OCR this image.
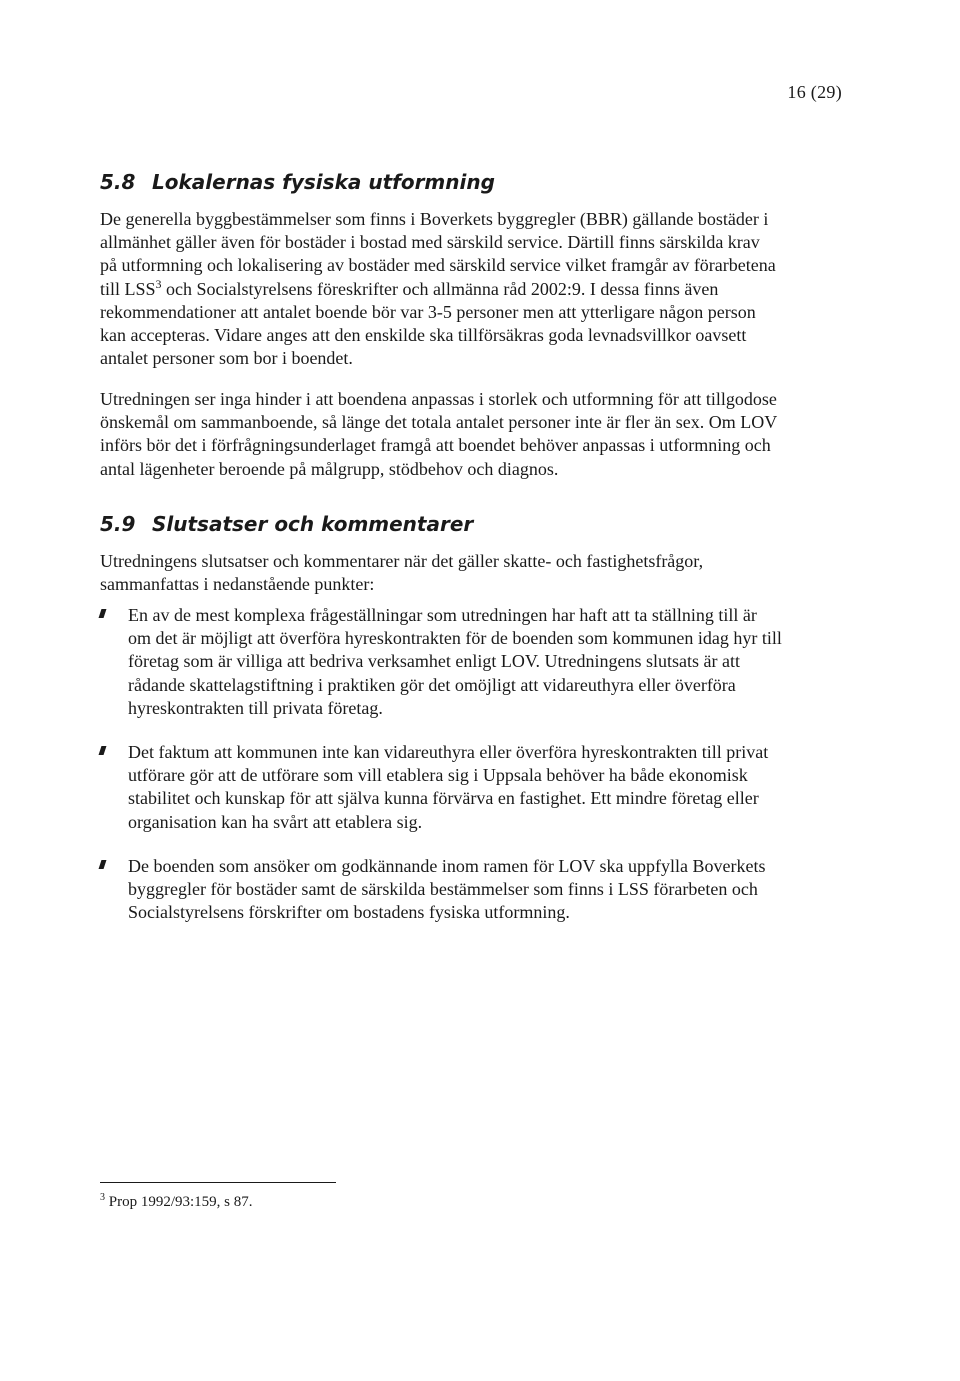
16 (29)
5.8 Lokalernas fysiska utformning

De generella byggbestämmelser som finns i Boverkets byggregler (BBR) gällande bostäder i
allmänhet gäller även för bostäder i bostad med särskild service. Därtill finns särskilda krav
på utformning och lokalisering av bostäder med särskild service vilket framgår av förarbetena
till LSS$^3$ och Socialstyrelsens föreskrifter och allmänna råd 2002:9. I dessa finns även
rekommendationer att antalet boende bör var 3-5 personer men att ytterligare någon person
kan accepteras. Vidare anges att den enskilde ska tillförsäkras goda levnadsvillkor oavsett
antalet personer som bor i boendet.

Utredningen ser inga hinder i att boendena anpassas i storlek och utformning för att tillgodose
önskemål om sammanboende, så länge det totala antalet personer inte är fler än sex. Om LOV
införs bör det i förfrågningsunderlaget framgå att boendet behöver anpassas i utformning och
antal lägenheter beroende på målgrupp, stödbehov och diagnos.

5.9 Slutsatser och kommentarer

Utredningens slutsatser och kommentarer när det gäller skatte- och fastighetsfrågor,
sammanfattas i nedanstående punkter:

En av de mest komplexa frågeställningar som utredningen har haft att ta ställning till är
om det är möjligt att överföra hyreskontrakten för de boenden som kommunen idag hyr till
företag som är villiga att bedriva verksamhet enligt LOV. Utredningens slutsats är att
rådande skattelagstiftning i praktiken gör det omöjligt att vidareuthyra eller överföra
hyreskontrakten till privata företag.
Det faktum att kommunen inte kan vidareuthyra eller överföra hyreskontrakten till privat
utförare gör att de utförare som vill etablera sig i Uppsala behöver ha både ekonomisk
stabilitet och kunskap för att själva kunna förvärva en fastighet. Ett mindre företag eller
organisation kan ha svårt att etablera sig.
De boenden som ansöker om godkännande inom ramen för LOV ska uppfylla Boverkets
byggregler för bostäder samt de särskilda bestämmelser som finns i LSS förarbeten och
Socialstyrelsens förskrifter om bostadens fysiska utformning.
$^3$ Prop 1992/93:159, s 87.
